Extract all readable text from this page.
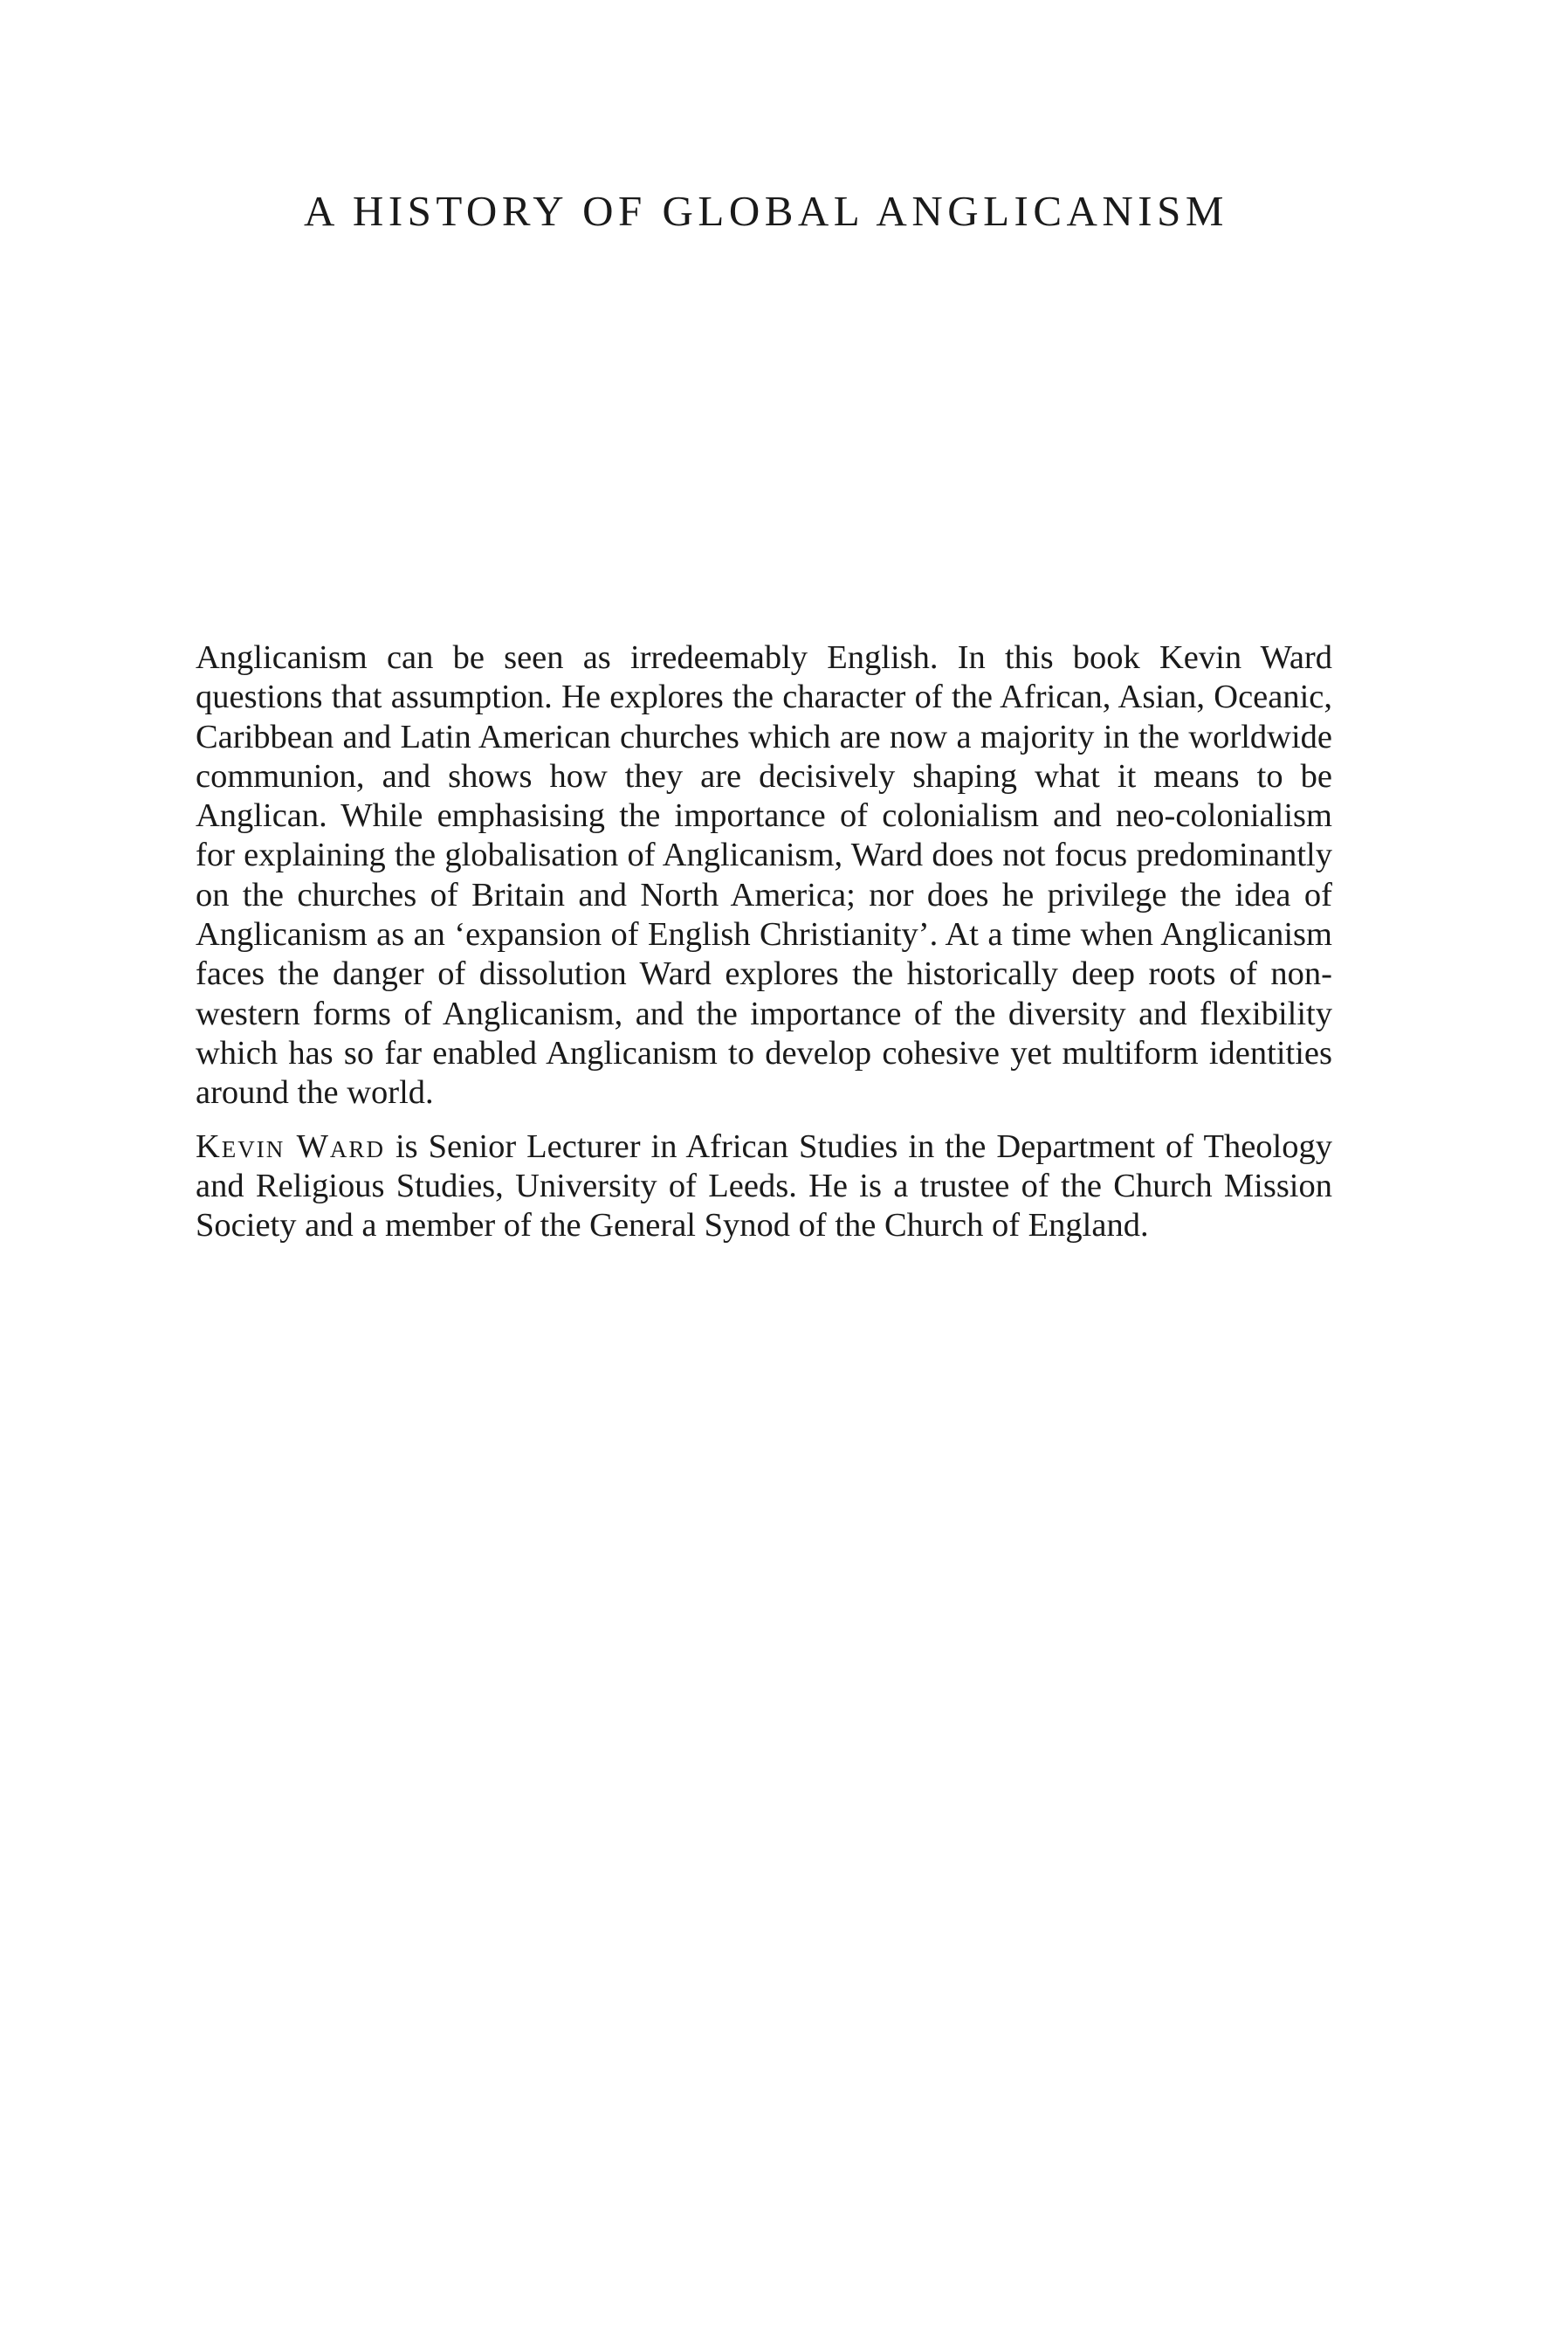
A HISTORY OF GLOBAL ANGLICANISM

Anglicanism can be seen as irredeemably English. In this book Kevin Ward questions that assumption. He explores the character of the African, Asian, Oceanic, Caribbean and Latin American churches which are now a majority in the worldwide communion, and shows how they are decisively shaping what it means to be Anglican. While emphasising the importance of colonialism and neo-colonialism for explaining the globalisation of Anglicanism, Ward does not focus predominantly on the churches of Britain and North America; nor does he privilege the idea of Anglicanism as an ‘expansion of English Christianity’. At a time when Anglicanism faces the danger of dissolution Ward explores the historically deep roots of non-western forms of Anglicanism, and the importance of the diversity and flexibility which has so far enabled Anglicanism to develop cohesive yet multiform identities around the world.

Kevin Ward is Senior Lecturer in African Studies in the Department of Theology and Religious Studies, University of Leeds. He is a trustee of the Church Mission Society and a member of the General Synod of the Church of England.
